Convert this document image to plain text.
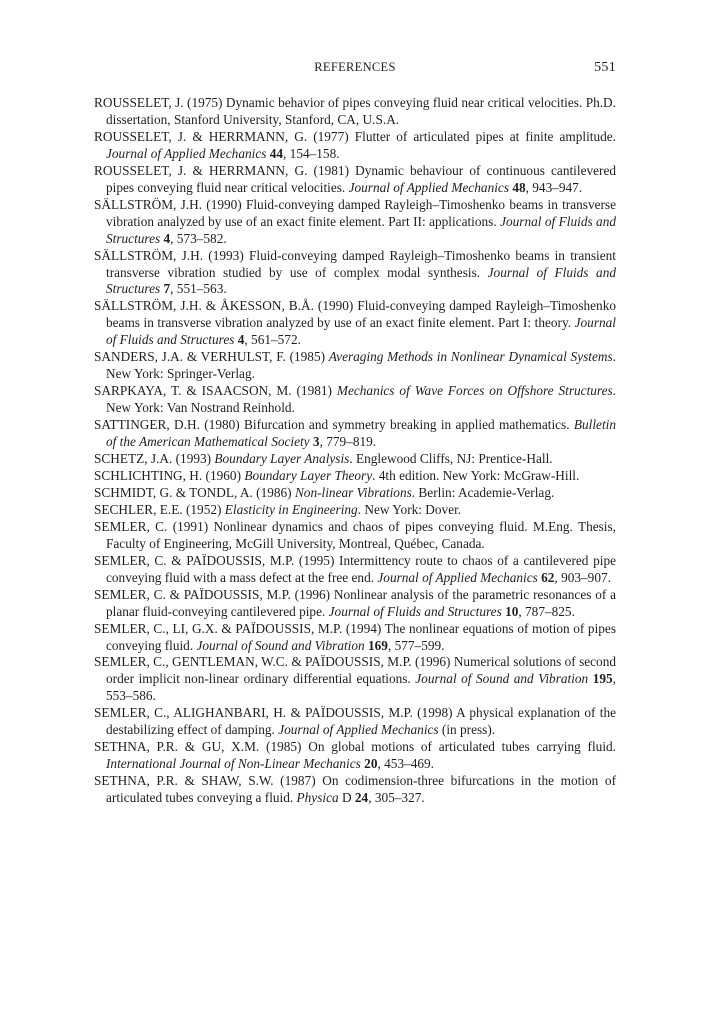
REFERENCES	551

ROUSSELET, J. (1975) Dynamic behavior of pipes conveying fluid near critical velocities. Ph.D. dissertation, Stanford University, Stanford, CA, U.S.A.

ROUSSELET, J. & HERRMANN, G. (1977) Flutter of articulated pipes at finite amplitude. Journal of Applied Mechanics 44, 154–158.

ROUSSELET, J. & HERRMANN, G. (1981) Dynamic behaviour of continuous cantilevered pipes conveying fluid near critical velocities. Journal of Applied Mechanics 48, 943–947.

SÄLLSTRÖM, J.H. (1990) Fluid-conveying damped Rayleigh–Timoshenko beams in transverse vibration analyzed by use of an exact finite element. Part II: applications. Journal of Fluids and Structures 4, 573–582.

SÄLLSTRÖM, J.H. (1993) Fluid-conveying damped Rayleigh–Timoshenko beams in transient transverse vibration studied by use of complex modal synthesis. Journal of Fluids and Structures 7, 551–563.

SÄLLSTRÖM, J.H. & ÅKESSON, B.Å. (1990) Fluid-conveying damped Rayleigh–Timoshenko beams in transverse vibration analyzed by use of an exact finite element. Part I: theory. Journal of Fluids and Structures 4, 561–572.

SANDERS, J.A. & VERHULST, F. (1985) Averaging Methods in Nonlinear Dynamical Systems. New York: Springer-Verlag.

SARPKAYA, T. & ISAACSON, M. (1981) Mechanics of Wave Forces on Offshore Structures. New York: Van Nostrand Reinhold.

SATTINGER, D.H. (1980) Bifurcation and symmetry breaking in applied mathematics. Bulletin of the American Mathematical Society 3, 779–819.

SCHETZ, J.A. (1993) Boundary Layer Analysis. Englewood Cliffs, NJ: Prentice-Hall.

SCHLICHTING, H. (1960) Boundary Layer Theory. 4th edition. New York: McGraw-Hill.

SCHMIDT, G. & TONDL, A. (1986) Non-linear Vibrations. Berlin: Academie-Verlag.

SECHLER, E.E. (1952) Elasticity in Engineering. New York: Dover.

SEMLER, C. (1991) Nonlinear dynamics and chaos of pipes conveying fluid. M.Eng. Thesis, Faculty of Engineering, McGill University, Montreal, Québec, Canada.

SEMLER, C. & PAÏDOUSSIS, M.P. (1995) Intermittency route to chaos of a cantilevered pipe conveying fluid with a mass defect at the free end. Journal of Applied Mechanics 62, 903–907.

SEMLER, C. & PAÏDOUSSIS, M.P. (1996) Nonlinear analysis of the parametric resonances of a planar fluid-conveying cantilevered pipe. Journal of Fluids and Structures 10, 787–825.

SEMLER, C., LI, G.X. & PAÏDOUSSIS, M.P. (1994) The nonlinear equations of motion of pipes conveying fluid. Journal of Sound and Vibration 169, 577–599.

SEMLER, C., GENTLEMAN, W.C. & PAÏDOUSSIS, M.P. (1996) Numerical solutions of second order implicit non-linear ordinary differential equations. Journal of Sound and Vibration 195, 553–586.

SEMLER, C., ALIGHANBARI, H. & PAÏDOUSSIS, M.P. (1998) A physical explanation of the destabilizing effect of damping. Journal of Applied Mechanics (in press).

SETHNA, P.R. & GU, X.M. (1985) On global motions of articulated tubes carrying fluid. International Journal of Non-Linear Mechanics 20, 453–469.

SETHNA, P.R. & SHAW, S.W. (1987) On codimension-three bifurcations in the motion of articulated tubes conveying a fluid. Physica D 24, 305–327.
